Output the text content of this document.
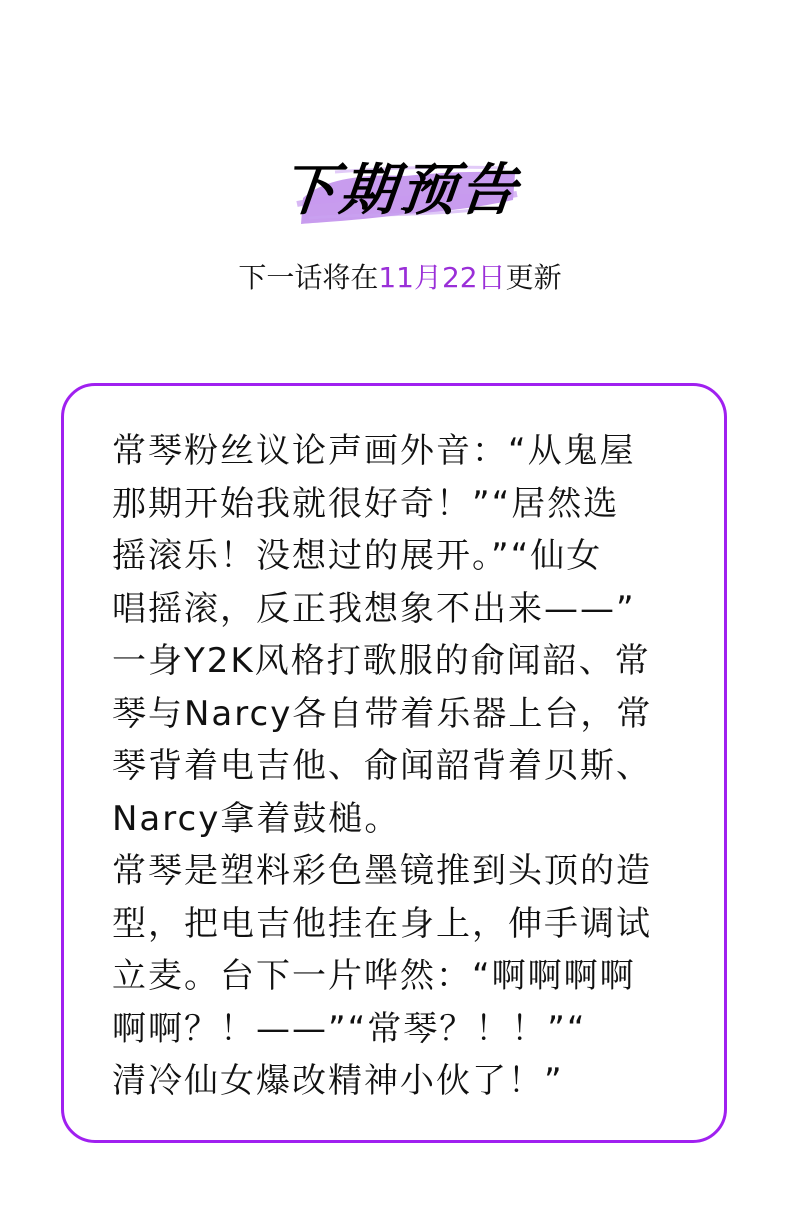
下期预告
下一话将在11月22日更新
常琴粉丝议论声画外音：“从鬼屋
那期开始我就很好奇！”“居然选
摇滚乐！没想过的展开。”“仙女
唱摇滚，反正我想象不出来——”
一身Y2K风格打歌服的俞闻韶、常
琴与Narcy各自带着乐器上台，常
琴背着电吉他、俞闻韶背着贝斯、
Narcy拿着鼓槌。
常琴是塑料彩色墨镜推到头顶的造
型，把电吉他挂在身上，伸手调试
立麦。台下一片哗然：“啊啊啊啊
啊啊？！——”“常琴？！！”“
清冷仙女爆改精神小伙了！”
